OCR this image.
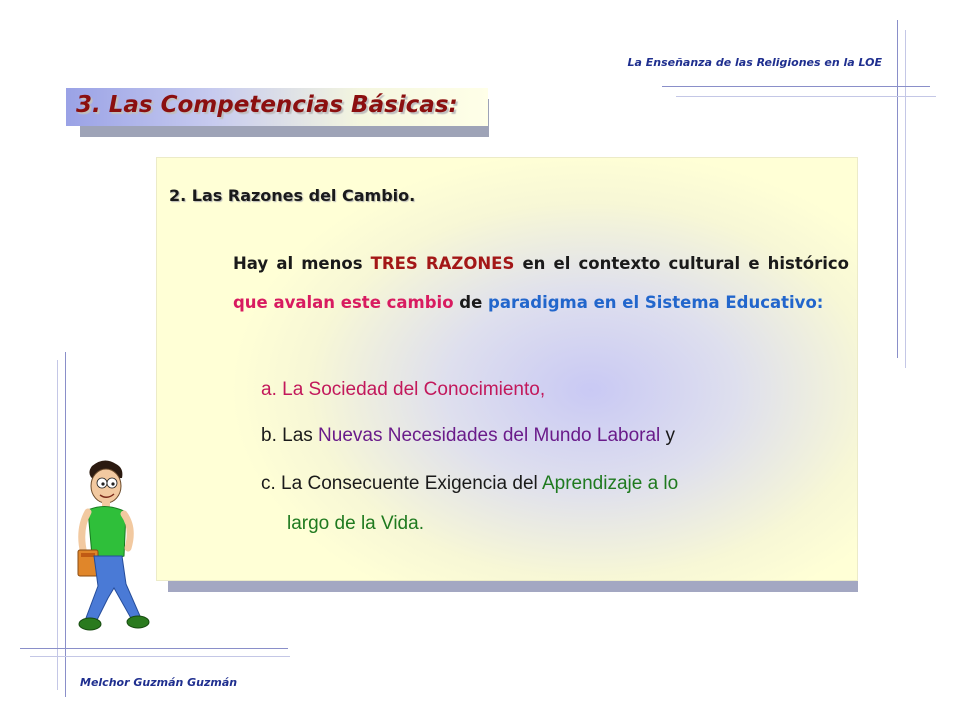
La Enseñanza de las Religiones en la LOE
3. Las Competencias Básicas:
2. Las Razones del Cambio.

Hay al menos TRES RAZONES en el contexto cultural e histórico que avalan este cambio de paradigma en el Sistema Educativo:

a. La Sociedad del Conocimiento,

b. Las Nuevas Necesidades del Mundo Laboral y

c. La Consecuente Exigencia del Aprendizaje a lo

largo de la Vida.

Melchor Guzmán Guzmán
